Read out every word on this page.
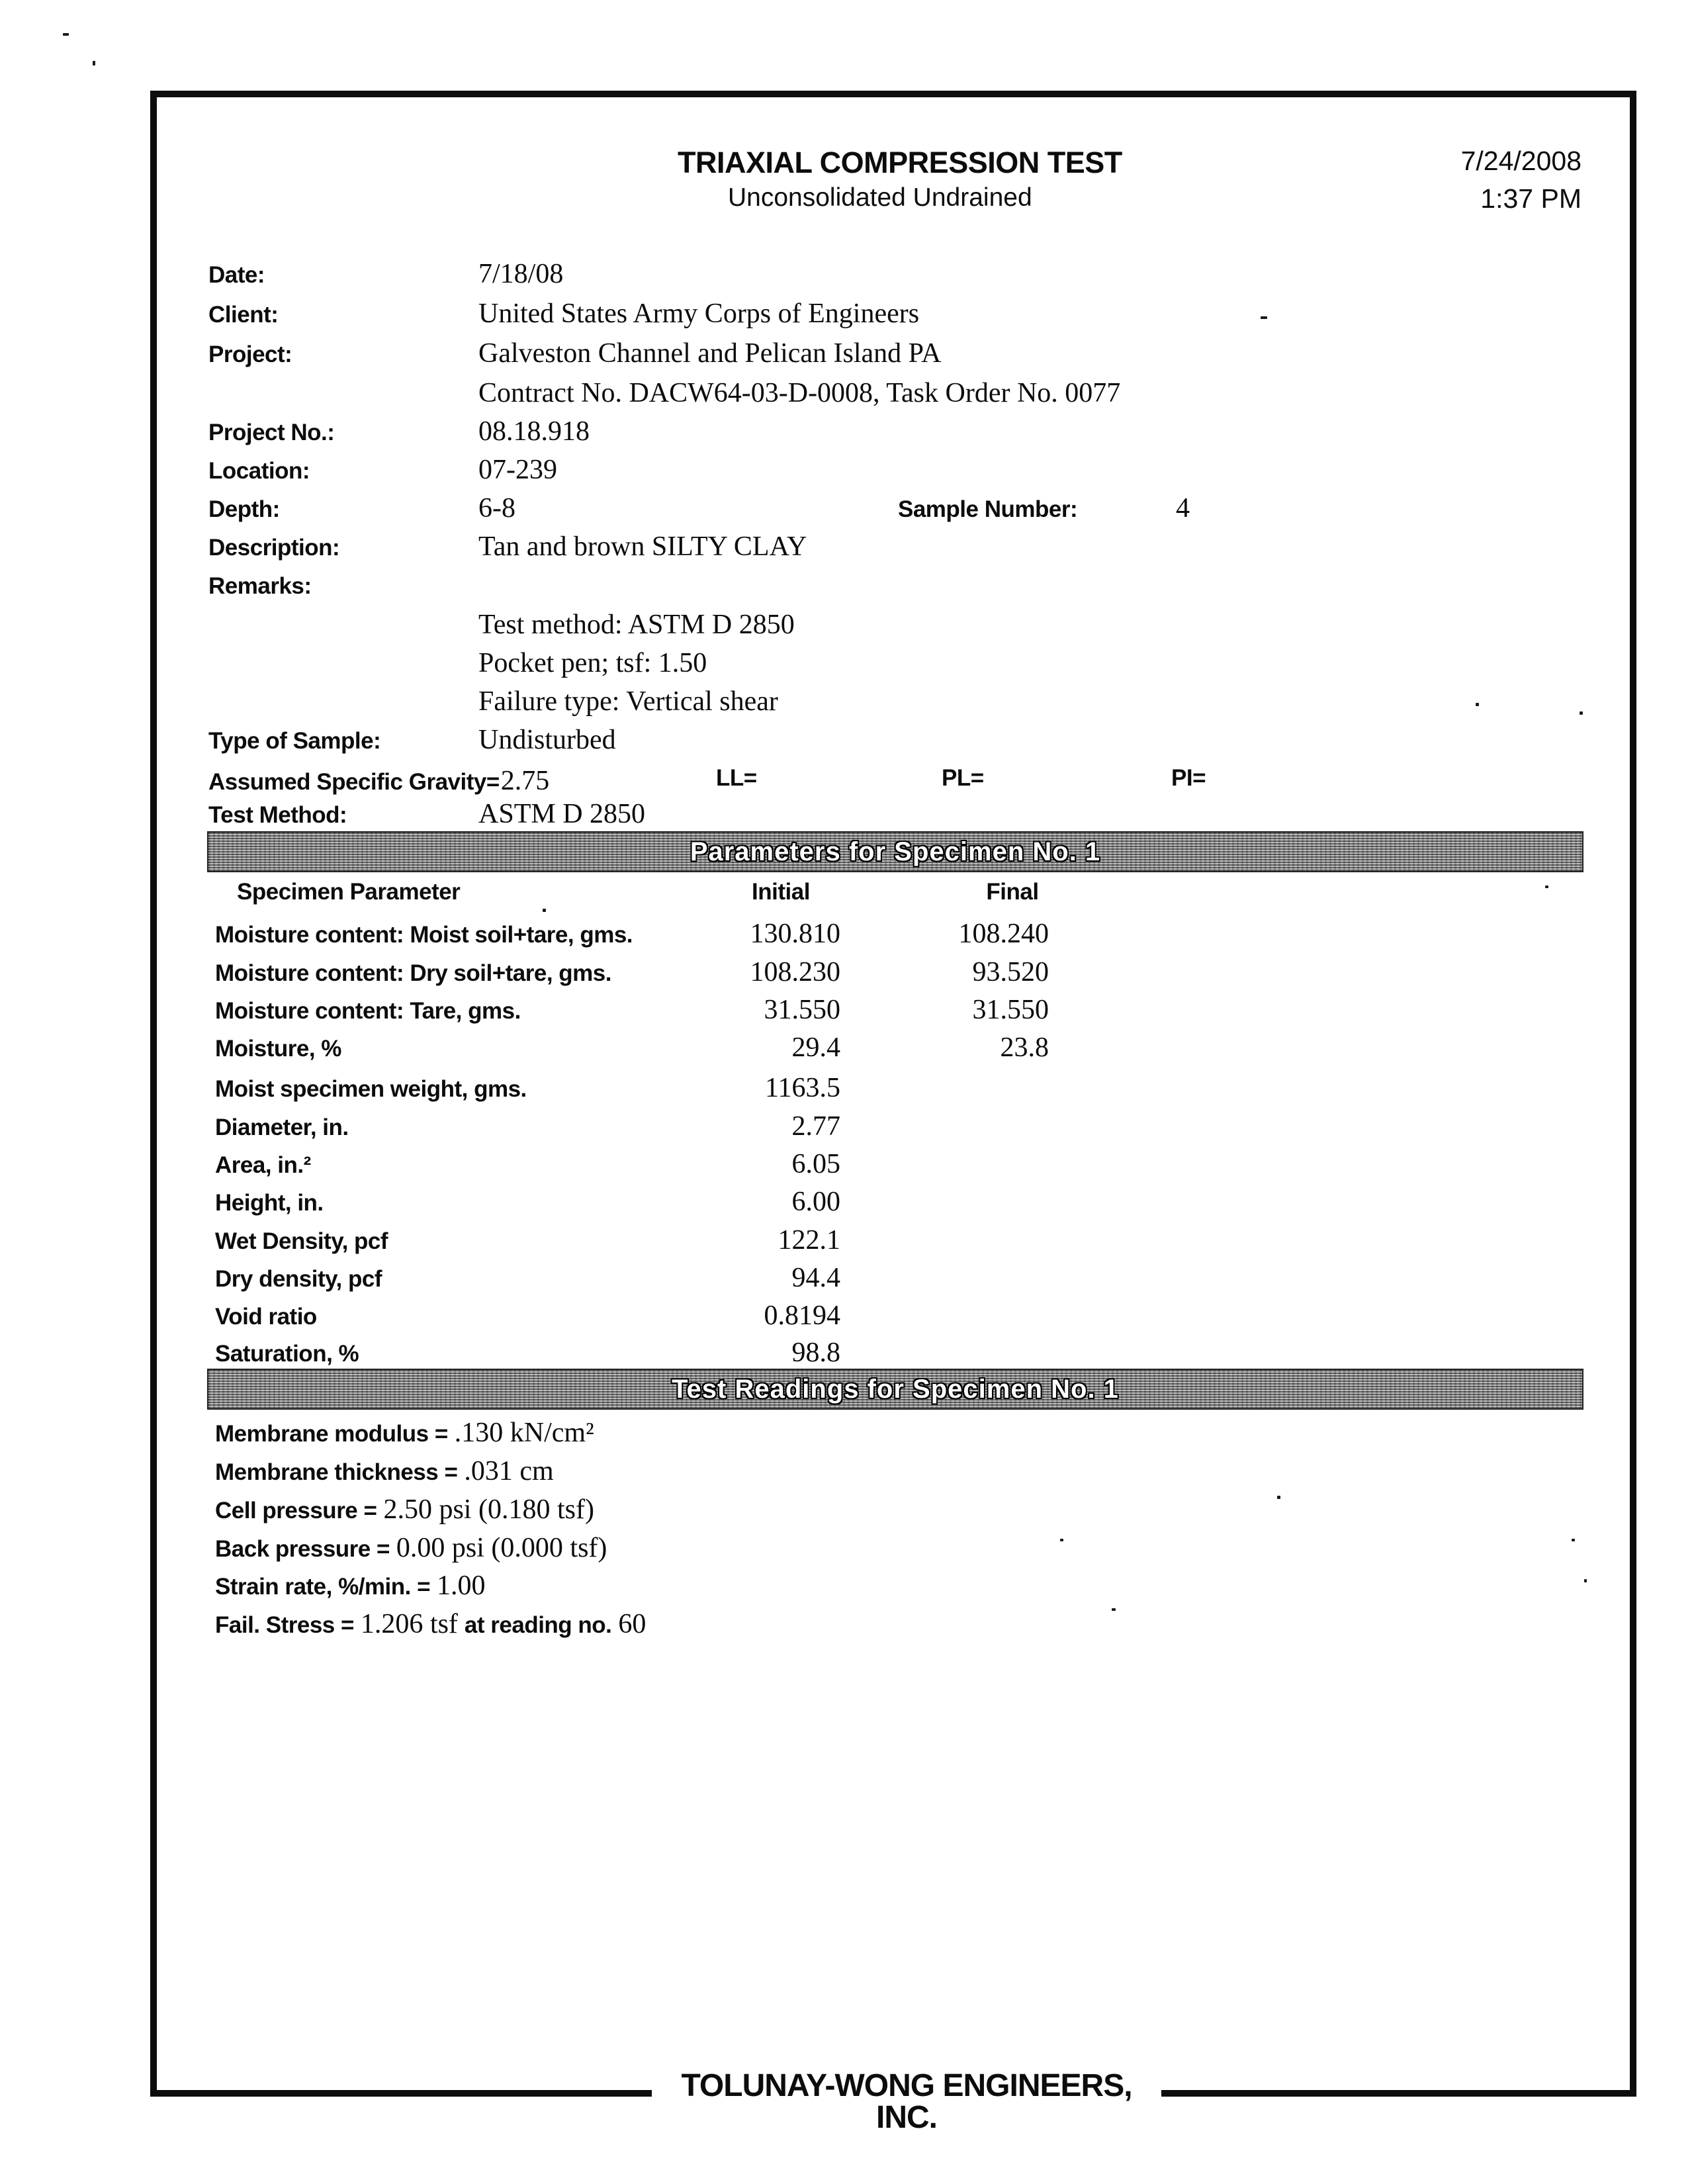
TRIAXIAL COMPRESSION TEST
Unconsolidated Undrained
7/24/2008
1:37 PM
Date:	7/18/08
Client:	United States Army Corps of Engineers
Project:	Galveston Channel and Pelican Island PA
Contract No. DACW64-03-D-0008, Task Order No. 0077
Project No.:	08.18.918
Location:	07-239
Depth:	6-8	Sample Number:	4
Description:	Tan and brown SILTY CLAY
Remarks:
Test method: ASTM D 2850
Pocket pen; tsf: 1.50
Failure type: Vertical shear
Type of Sample:	Undisturbed
Assumed Specific Gravity=2.75	LL=	PL=	PI=
Test Method:	ASTM D 2850
Parameters for Specimen No. 1
Specimen Parameter	Initial	Final
Moisture content: Moist soil+tare, gms.	130.810	108.240
Moisture content: Dry soil+tare, gms.	108.230	93.520
Moisture content: Tare, gms.	31.550	31.550
Moisture, %	29.4	23.8
Moist specimen weight, gms.	1163.5
Diameter, in.	2.77
Area, in.²	6.05
Height, in.	6.00
Wet Density, pcf	122.1
Dry density, pcf	94.4
Void ratio	0.8194
Saturation, %	98.8
Test Readings for Specimen No. 1
Membrane modulus = .130 kN/cm²
Membrane thickness = .031 cm
Cell pressure = 2.50 psi (0.180 tsf)
Back pressure = 0.00 psi (0.000 tsf)
Strain rate, %/min. = 1.00
Fail. Stress = 1.206 tsf at reading no. 60
TOLUNAY-WONG ENGINEERS, INC.
